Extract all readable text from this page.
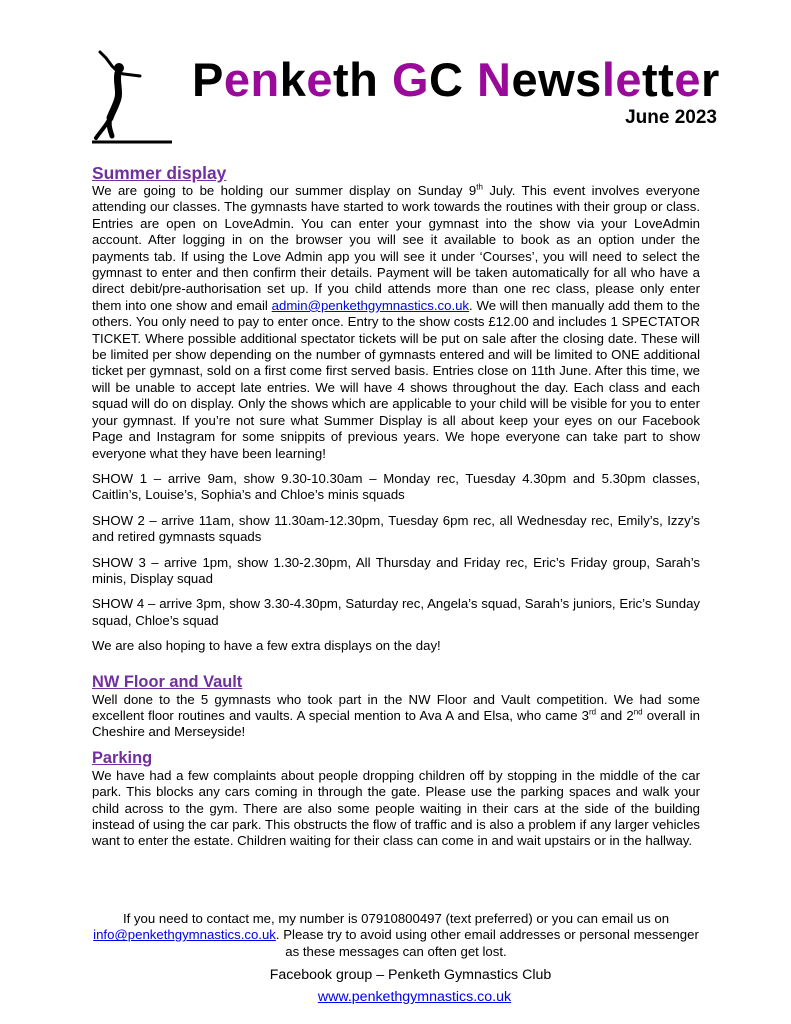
Penketh GC Newsletter
June 2023
Summer display

We are going to be holding our summer display on Sunday 9th July. This event involves everyone attending our classes. The gymnasts have started to work towards the routines with their group or class. Entries are open on LoveAdmin. You can enter your gymnast into the show via your LoveAdmin account. After logging in on the browser you will see it available to book as an option under the payments tab. If using the Love Admin app you will see it under ‘Courses’, you will need to select the gymnast to enter and then confirm their details. Payment will be taken automatically for all who have a direct debit/pre-authorisation set up. If you child attends more than one rec class, please only enter them into one show and email admin@penkethgymnastics.co.uk. We will then manually add them to the others. You only need to pay to enter once. Entry to the show costs £12.00 and includes 1 SPECTATOR TICKET. Where possible additional spectator tickets will be put on sale after the closing date. These will be limited per show depending on the number of gymnasts entered and will be limited to ONE additional ticket per gymnast, sold on a first come first served basis. Entries close on 11th June. After this time, we will be unable to accept late entries. We will have 4 shows throughout the day. Each class and each squad will do on display. Only the shows which are applicable to your child will be visible for you to enter your gymnast. If you’re not sure what Summer Display is all about keep your eyes on our Facebook Page and Instagram for some snippits of previous years. We hope everyone can take part to show everyone what they have been learning!

SHOW 1 – arrive 9am, show 9.30-10.30am – Monday rec, Tuesday 4.30pm and 5.30pm classes, Caitlin’s, Louise’s, Sophia’s and Chloe’s minis squads

SHOW 2 – arrive 11am, show 11.30am-12.30pm, Tuesday 6pm rec, all Wednesday rec, Emily’s, Izzy’s and retired gymnasts squads

SHOW 3 – arrive 1pm, show 1.30-2.30pm, All Thursday and Friday rec, Eric’s Friday group, Sarah’s minis, Display squad

SHOW 4 – arrive 3pm, show 3.30-4.30pm, Saturday rec, Angela’s squad, Sarah’s juniors, Eric’s Sunday squad, Chloe’s squad

We are also hoping to have a few extra displays on the day!

NW Floor and Vault

Well done to the 5 gymnasts who took part in the NW Floor and Vault competition. We had some excellent floor routines and vaults. A special mention to Ava A and Elsa, who came 3rd and 2nd overall in Cheshire and Merseyside!

Parking

We have had a few complaints about people dropping children off by stopping in the middle of the car park. This blocks any cars coming in through the gate. Please use the parking spaces and walk your child across to the gym. There are also some people waiting in their cars at the side of the building instead of using the car park. This obstructs the flow of traffic and is also a problem if any larger vehicles want to enter the estate. Children waiting for their class can come in and wait upstairs or in the hallway.

If you need to contact me, my number is 07910800497 (text preferred) or you can email us on
info@penkethgymnastics.co.uk. Please try to avoid using other email addresses or personal messenger as these messages can often get lost.
Facebook group – Penketh Gymnastics Club
www.penkethgymnastics.co.uk
